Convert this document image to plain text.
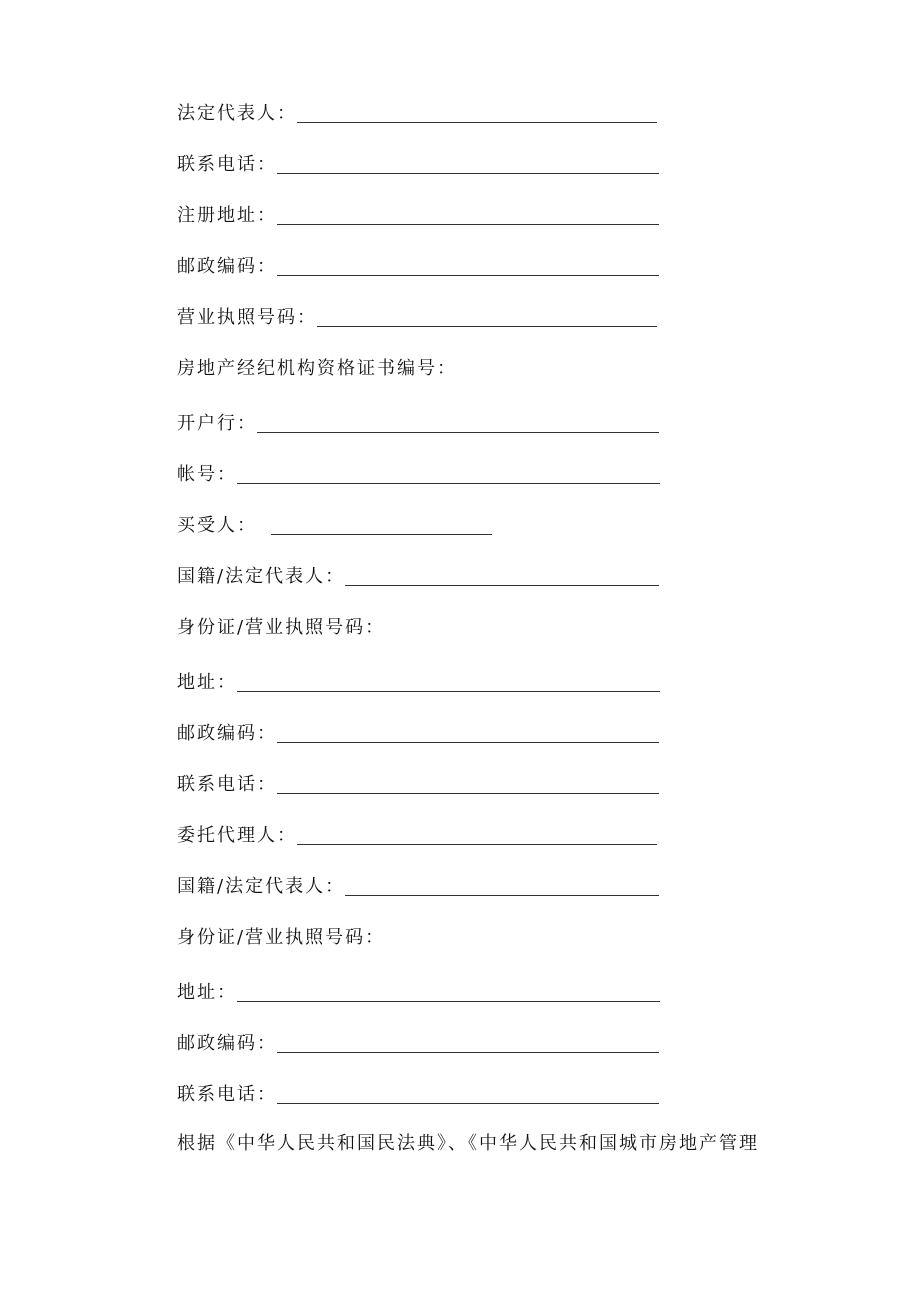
法定代表人：
联系电话：
注册地址：
邮政编码：
营业执照号码：
房地产经纪机构资格证书编号：
开户行：
帐号：
买受人：
国籍/法定代表人：
身份证/营业执照号码：
地址：
邮政编码：
联系电话：
委托代理人：
国籍/法定代表人：
身份证/营业执照号码：
地址：
邮政编码：
联系电话：
根据《中华人民共和国民法典》、《中华人民共和国城市房地产管理
